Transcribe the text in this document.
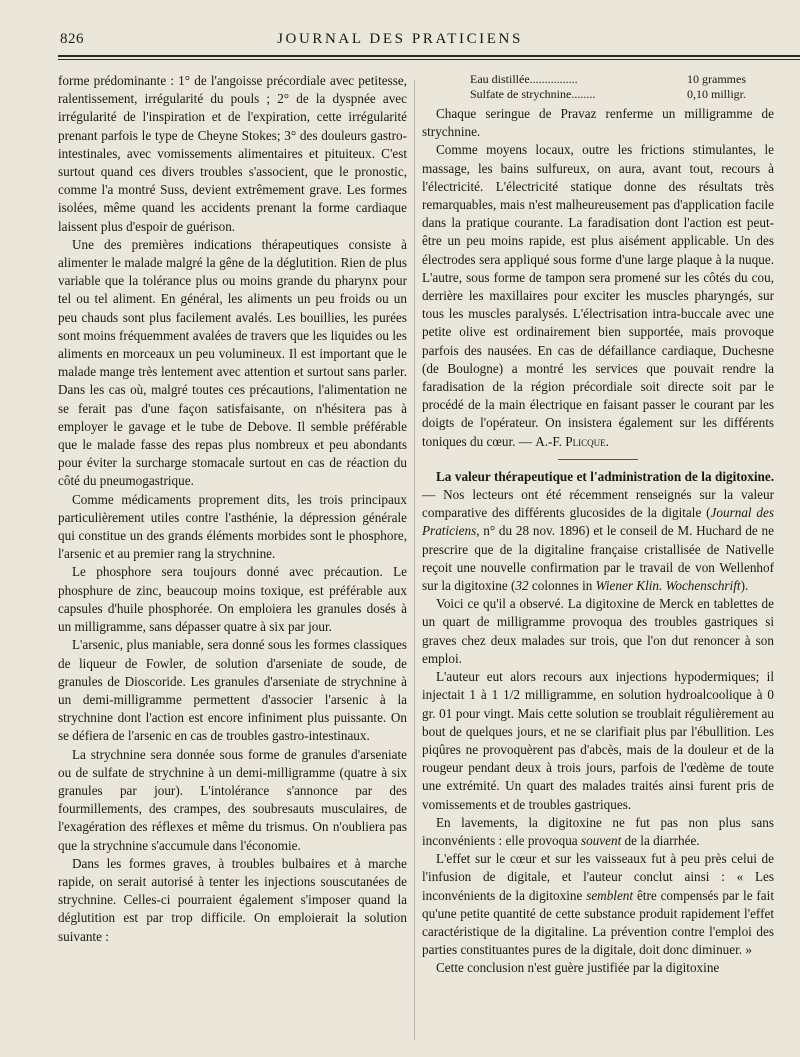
826	JOURNAL DES PRATICIENS

forme prédominante : 1° de l'angoisse précordiale avec petitesse, ralentissement, irrégularité du pouls ; 2° de la dyspnée avec irrégularité de l'inspiration et de l'expiration, cette irrégularité prenant parfois le type de Cheyne Stokes; 3° des douleurs gastro-intestinales, avec vomissements alimentaires et pituiteux. C'est surtout quand ces divers troubles s'associent, que le pronostic, comme l'a montré Suss, devient extrêmement grave. Les formes isolées, même quand les accidents prenant la forme cardiaque laissent plus d'espoir de guérison.

Une des premières indications thérapeutiques consiste à alimenter le malade malgré la gêne de la déglutition. Rien de plus variable que la tolérance plus ou moins grande du pharynx pour tel ou tel aliment. En général, les aliments un peu froids ou un peu chauds sont plus facilement avalés. Les bouillies, les purées sont moins fréquemment avalées de travers que les liquides ou les aliments en morceaux un peu volumineux. Il est important que le malade mange très lentement avec attention et surtout sans parler. Dans les cas où, malgré toutes ces précautions, l'alimentation ne se ferait pas d'une façon satisfaisante, on n'hésitera pas à employer le gavage et le tube de Debove. Il semble préférable que le malade fasse des repas plus nombreux et peu abondants pour éviter la surcharge stomacale surtout en cas de réaction du côté du pneumogastrique.

Comme médicaments proprement dits, les trois principaux particulièrement utiles contre l'asthénie, la dépression générale qui constitue un des grands éléments morbides sont le phosphore, l'arsenic et au premier rang la strychnine.

Le phosphore sera toujours donné avec précaution. Le phosphure de zinc, beaucoup moins toxique, est préférable aux capsules d'huile phosphorée. On emploiera les granules dosés à un milligramme, sans dépasser quatre à six par jour.

L'arsenic, plus maniable, sera donné sous les formes classiques de liqueur de Fowler, de solution d'arseniate de soude, de granules de Dioscoride. Les granules d'arseniate de strychnine à un demi-milligramme permettent d'associer l'arsenic à la strychnine dont l'action est encore infiniment plus puissante. On se défiera de l'arsenic en cas de troubles gastro-intestinaux.

La strychnine sera donnée sous forme de granules d'arseniate ou de sulfate de strychnine à un demi-milligramme (quatre à six granules par jour). L'intolérance s'annonce par des fourmillements, des crampes, des soubresauts musculaires, de l'exagération des réflexes et même du trismus. On n'oubliera pas que la strychnine s'accumule dans l'économie.

Dans les formes graves, à troubles bulbaires et à marche rapide, on serait autorisé à tenter les injections souscutanées de strychnine. Celles-ci pourraient également s'imposer quand la déglutition est par trop difficile. On emploierait la solution suivante :

Eau distillée................	10 grammes
Sulfate de strychnine........	0,10 milligr.

Chaque seringue de Pravaz renferme un milligramme de strychnine.

Comme moyens locaux, outre les frictions stimulantes, le massage, les bains sulfureux, on aura, avant tout, recours à l'électricité. L'électricité statique donne des résultats très remarquables, mais n'est malheureusement pas d'application facile dans la pratique courante. La faradisation dont l'action est peut-être un peu moins rapide, est plus aisément applicable. Un des électrodes sera appliqué sous forme d'une large plaque à la nuque. L'autre, sous forme de tampon sera promené sur les côtés du cou, derrière les maxillaires pour exciter les muscles pharyngés, sur tous les muscles paralysés. L'électrisation intra-buccale avec une petite olive est ordinairement bien supportée, mais provoque parfois des nausées. En cas de défaillance cardiaque, Duchesne (de Boulogne) a montré les services que pouvait rendre la faradisation de la région précordiale soit directe soit par le procédé de la main électrique en faisant passer le courant par les doigts de l'opérateur. On insistera également sur les différents toniques du cœur. — A.-F. Plicque.

La valeur thérapeutique et l'administration de la digitoxine. — Nos lecteurs ont été récemment renseignés sur la valeur comparative des différents glucosides de la digitale (Journal des Praticiens, n° du 28 nov. 1896) et le conseil de M. Huchard de ne prescrire que de la digitaline française cristallisée de Nativelle reçoit une nouvelle confirmation par le travail de von Wellenhof sur la digitoxine (32 colonnes in Wiener Klin. Wochenschrift).

Voici ce qu'il a observé. La digitoxine de Merck en tablettes de un quart de milligramme provoqua des troubles gastriques si graves chez deux malades sur trois, que l'on dut renoncer à son emploi.

L'auteur eut alors recours aux injections hypodermiques; il injectait 1 à 1 1/2 milligramme, en solution hydroalcoolique à 0 gr. 01 pour vingt. Mais cette solution se troublait régulièrement au bout de quelques jours, et ne se clarifiait plus par l'ébullition. Les piqûres ne provoquèrent pas d'abcès, mais de la douleur et de la rougeur pendant deux à trois jours, parfois de l'œdème de toute une extrémité. Un quart des malades traités ainsi furent pris de vomissements et de troubles gastriques.

En lavements, la digitoxine ne fut pas non plus sans inconvénients : elle provoqua souvent de la diarrhée.

L'effet sur le cœur et sur les vaisseaux fut à peu près celui de l'infusion de digitale, et l'auteur conclut ainsi : « Les inconvénients de la digitoxine semblent être compensés par le fait qu'une petite quantité de cette substance produit rapidement l'effet caractéristique de la digitaline. La prévention contre l'emploi des parties constituantes pures de la digitale, doit donc diminuer. »

Cette conclusion n'est guère justifiée par la digitoxine
